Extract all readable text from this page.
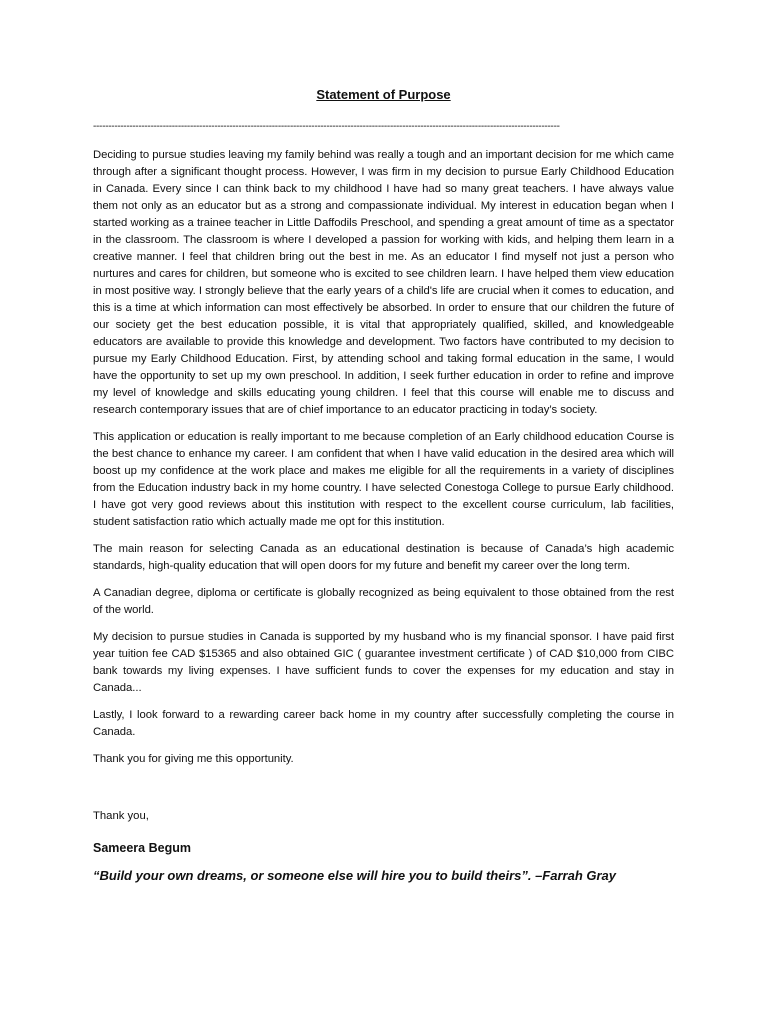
Statement of Purpose
----------------------------------------------------------------------------------------------------------------------------------------------------------

Deciding to pursue studies leaving my family behind was really a tough and an important decision for me which came through after a significant thought process. However, I was firm in my decision to pursue Early Childhood Education in Canada. Every since I can think back to my childhood I have had so many great teachers. I have always value them not only as an educator but as a strong and compassionate individual. My interest in education began when I started working as a trainee teacher in Little Daffodils Preschool, and spending a great amount of time as a spectator in the classroom. The classroom is where I developed a passion for working with kids, and helping them learn in a creative manner. I feel that children bring out the best in me. As an educator I find myself not just a person who nurtures and cares for children, but someone who is excited to see children learn. I have helped them view education in most positive way. I strongly believe that the early years of a child's life are crucial when it comes to education, and this is a time at which information can most effectively be absorbed. In order to ensure that our children the future of our society get the best education possible, it is vital that appropriately qualified, skilled, and knowledgeable educators are available to provide this knowledge and development. Two factors have contributed to my decision to pursue my Early Childhood Education. First, by attending school and taking formal education in the same, I would have the opportunity to set up my own preschool. In addition, I seek further education in order to refine and improve my level of knowledge and skills educating young children. I feel that this course will enable me to discuss and research contemporary issues that are of chief importance to an educator practicing in today’s society.

This application or education is really important to me because completion of an Early childhood education Course is the best chance to enhance my career. I am confident that when I have valid education in the desired area which will boost up my confidence at the work place and makes me eligible for all the requirements in a variety of disciplines from the Education industry back in my home country. I have selected Conestoga College to pursue Early childhood. I have got very good reviews about this institution with respect to the excellent course curriculum, lab facilities, student satisfaction ratio which actually made me opt for this institution.

The main reason for selecting Canada as an educational destination is because of Canada’s high academic standards, high-quality education that will open doors for my future and benefit my career over the long term.

A Canadian degree, diploma or certificate is globally recognized as being equivalent to those obtained from the rest of the world.

My decision to pursue studies in Canada is supported by my husband who is my financial sponsor. I have paid first year tuition fee CAD $15365 and also obtained GIC ( guarantee investment certificate ) of CAD $10,000 from CIBC bank towards my living expenses. I have sufficient funds to cover the expenses for my education and stay in Canada...

Lastly, I look forward to a rewarding career back home in my country after successfully completing the course in Canada.

Thank you for giving me this opportunity.

Thank you,
Sameera Begum
“Build your own dreams, or someone else will hire you to build theirs”. –Farrah Gray
